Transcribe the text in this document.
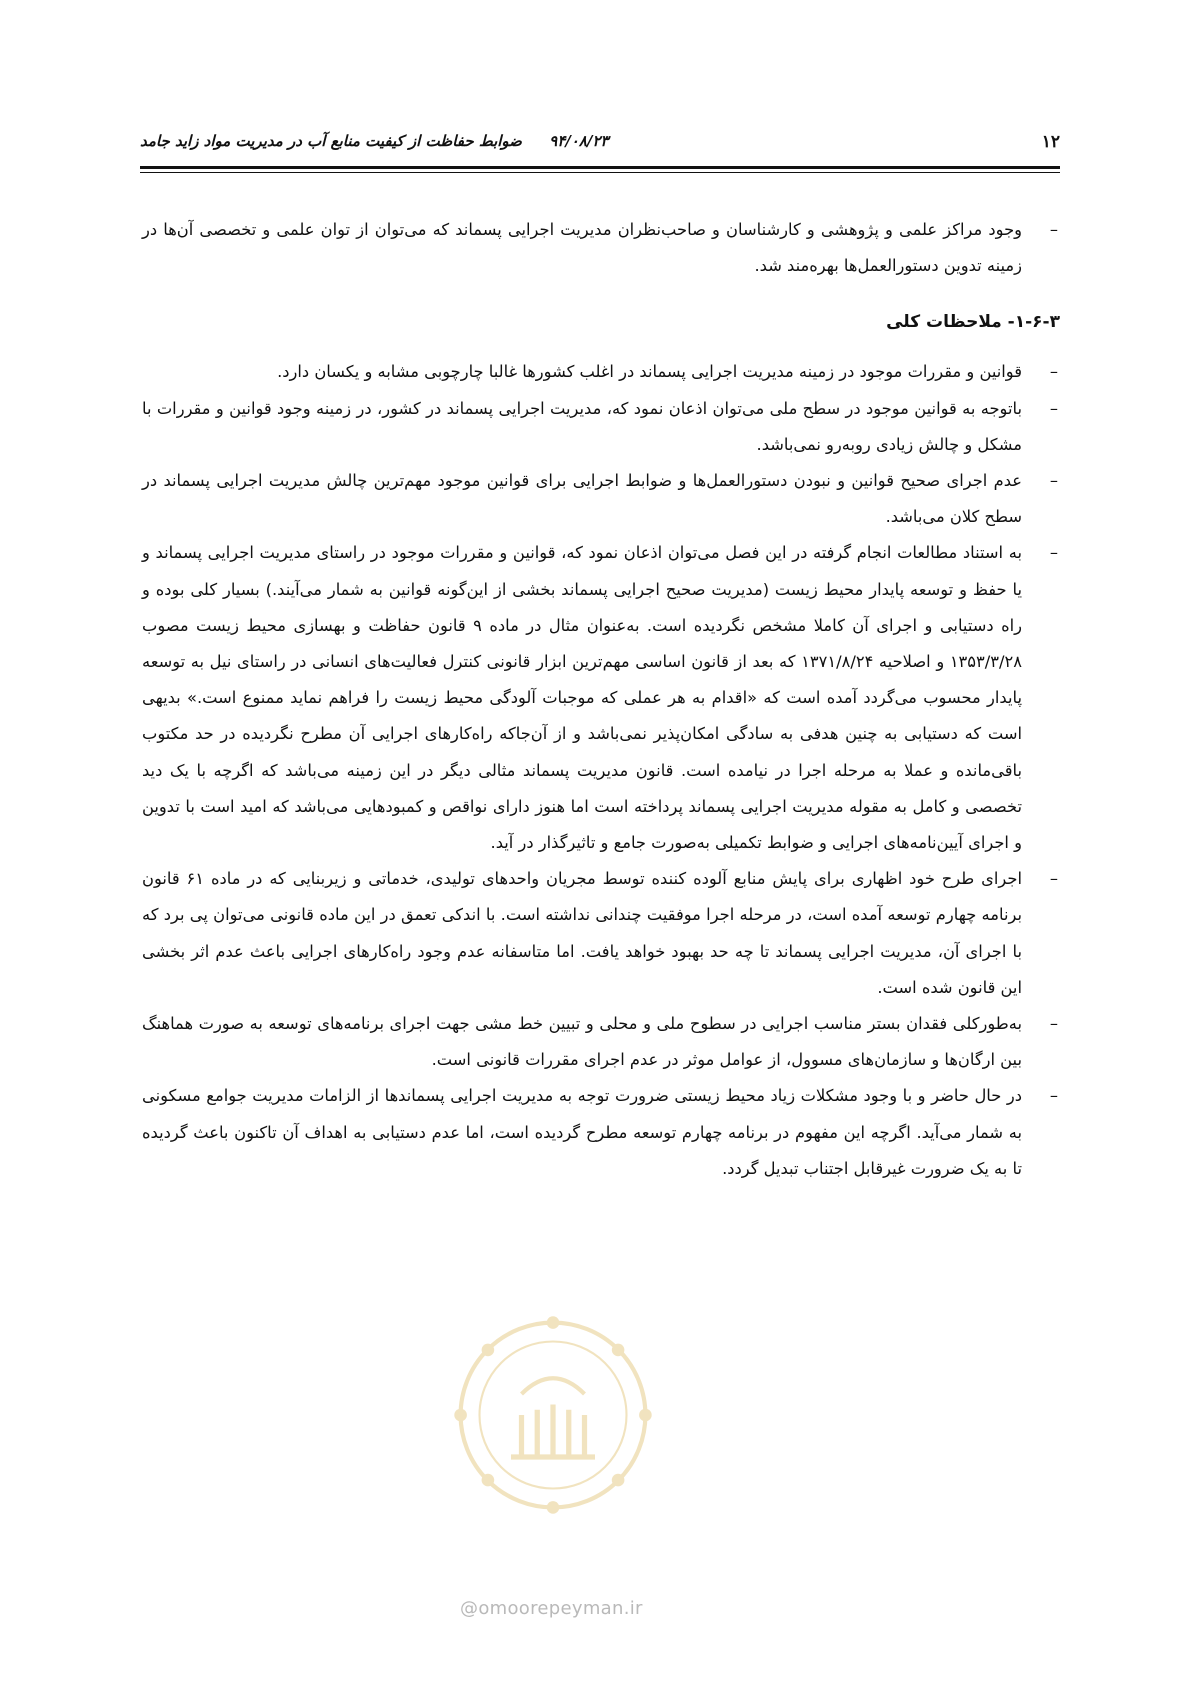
۱۲
۹۴/۰۸/۲۳ ضوابط حفاظت از کیفیت منابع آب در مدیریت مواد زاید جامد
–
وجود مراکز علمی و پژوهشی و کارشناسان و صاحب‌نظران مدیریت اجرایی پسماند که می‌توان از توان علمی و تخصصی آن‌ها در زمینه تدوین دستورالعمل‌ها بهره‌مند شد.
۱-۶-۳- ملاحظات کلی
–
قوانین و مقررات موجود در زمینه مدیریت اجرایی پسماند در اغلب کشورها غالبا چارچوبی مشابه و یکسان دارد.
–
باتوجه به قوانین موجود در سطح ملی می‌توان اذعان نمود که، مدیریت اجرایی پسماند در کشور، در زمینه وجود قوانین و مقررات با مشکل و چالش زیادی روبه‌رو نمی‌باشد.
–
عدم اجرای صحیح قوانین و نبودن دستورالعمل‌ها و ضوابط اجرایی برای قوانین موجود مهم‌ترین چالش مدیریت اجرایی پسماند در سطح کلان می‌باشد.
–
به استناد مطالعات انجام گرفته در این فصل می‌توان اذعان نمود که، قوانین و مقررات موجود در راستای مدیریت اجرایی پسماند و یا حفظ و توسعه پایدار محیط زیست (مدیریت صحیح اجرایی پسماند بخشی از این‌گونه قوانین به شمار می‌آیند.) بسیار کلی بوده و راه دستیابی و اجرای آن کاملا مشخص نگردیده است. به‌عنوان مثال در ماده ۹ قانون حفاظت و بهسازی محیط زیست مصوب ۱۳۵۳/۳/۲۸ و اصلاحیه ۱۳۷۱/۸/۲۴ که بعد از قانون اساسی مهم‌ترین ابزار قانونی کنترل فعالیت‌های انسانی در راستای نیل به توسعه پایدار محسوب می‌گردد آمده است که «اقدام به هر عملی که موجبات آلودگی محیط زیست را فراهم نماید ممنوع است.» بدیهی است که دستیابی به چنین هدفی به سادگی امکان‌پذیر نمی‌باشد و از آن‌جاکه راه‌کارهای اجرایی آن مطرح نگردیده در حد مکتوب باقی‌مانده و عملا به مرحله اجرا در نیامده است. قانون مدیریت پسماند مثالی دیگر در این زمینه می‌باشد که اگرچه با یک دید تخصصی و کامل به مقوله مدیریت اجرایی پسماند پرداخته است اما هنوز دارای نواقص و کمبودهایی می‌باشد که امید است با تدوین و اجرای آیین‌نامه‌های اجرایی و ضوابط تکمیلی به‌صورت جامع و تاثیرگذار در آید.
–
اجرای طرح خود اظهاری برای پایش منابع آلوده کننده توسط مجریان واحدهای تولیدی، خدماتی و زیربنایی که در ماده ۶۱ قانون برنامه چهارم توسعه آمده است، در مرحله اجرا موفقیت چندانی نداشته است. با اندکی تعمق در این ماده قانونی می‌توان پی برد که با اجرای آن، مدیریت اجرایی پسماند تا چه حد بهبود خواهد یافت. اما متاسفانه عدم وجود راه‌کارهای اجرایی باعث عدم اثر بخشی این قانون شده است.
–
به‌طورکلی فقدان بستر مناسب اجرایی در سطوح ملی و محلی و تبیین خط مشی جهت اجرای برنامه‌های توسعه به صورت هماهنگ بین ارگان‌ها و سازمان‌های مسوول، از عوامل موثر در عدم اجرای مقررات قانونی است.
–
در حال حاضر و با وجود مشکلات زیاد محیط زیستی ضرورت توجه به مدیریت اجرایی پسماندها از الزامات مدیریت جوامع مسکونی به شمار می‌آید. اگرچه این مفهوم در برنامه چهارم توسعه مطرح گردیده است، اما عدم دستیابی به اهداف آن تاکنون باعث گردیده تا به یک ضرورت غیرقابل اجتناب تبدیل گردد.
@omoorepeyman.ir
